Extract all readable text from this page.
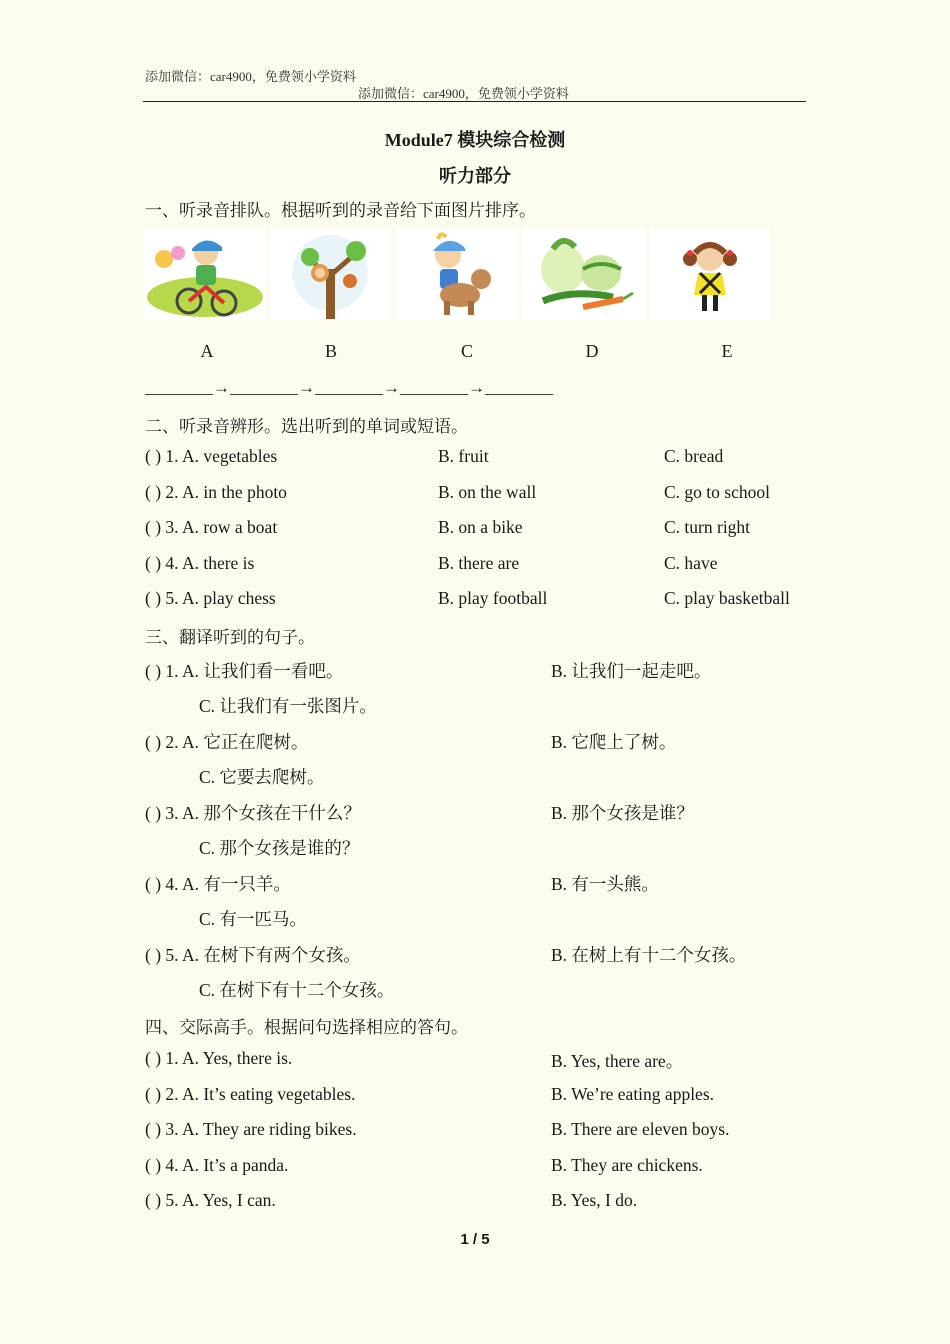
添加微信：car4900，免费领小学资料
添加微信：car4900，免费领小学资料
Module7 模块综合检测
听力部分
一、听录音排队。根据听到的录音给下面图片排序。
A	B	C	D	E
________→________→________→________→________
二、听录音辨形。选出听到的单词或短语。
( ) 1. A. vegetables	B. fruit	C. bread
( ) 2. A. in the photo	B. on the wall	C. go to school
( ) 3. A. row a boat	B. on a bike	C. turn right
( ) 4. A. there is	B. there are	C. have
( ) 5. A. play chess	B. play football	C. play basketball
三、翻译听到的句子。
( ) 1. A. 让我们看一看吧。	B. 让我们一起走吧。
C. 让我们有一张图片。
( ) 2. A. 它正在爬树。	B. 它爬上了树。
C. 它要去爬树。
( ) 3. A. 那个女孩在干什么？	B. 那个女孩是谁？
C. 那个女孩是谁的？
( ) 4. A. 有一只羊。	B. 有一头熊。
C. 有一匹马。
( ) 5. A. 在树下有两个女孩。	B. 在树上有十二个女孩。
C. 在树下有十二个女孩。
四、交际高手。根据问句选择相应的答句。
( ) 1. A. Yes, there is.	B. Yes, there are。
( ) 2. A. It’s eating vegetables.	B. We’re eating apples.
( ) 3. A. They are riding bikes.	B. There are eleven boys.
( ) 4. A. It’s a panda.	B. They are chickens.
( ) 5. A. Yes, I can.	B. Yes, I do.
1 / 5
